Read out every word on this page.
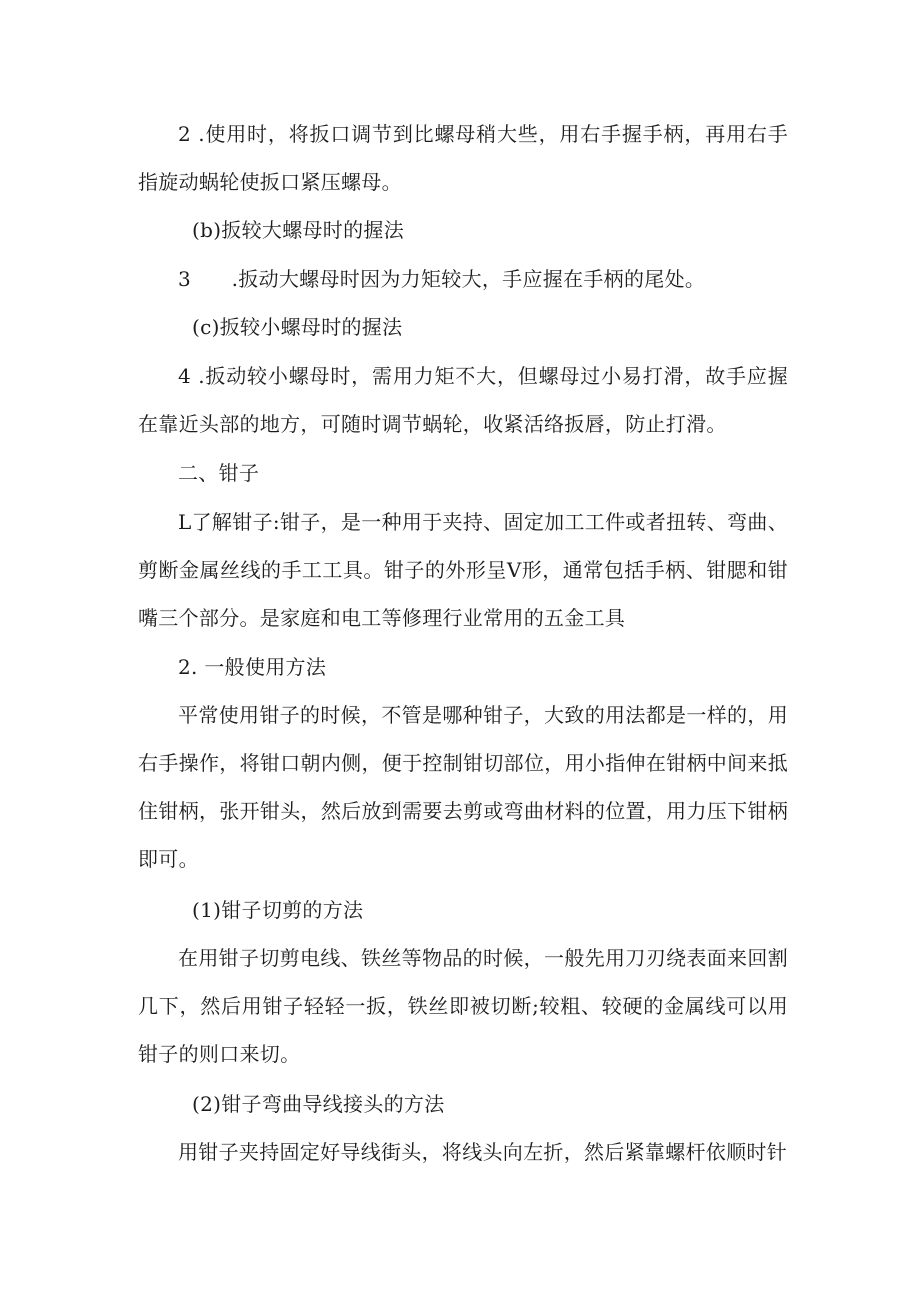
2 .使用时，将扳口调节到比螺母稍大些，用右手握手柄，再用右手指旋动蜗轮使扳口紧压螺母。

(b)扳较大螺母时的握法

3　　.扳动大螺母时因为力矩较大，手应握在手柄的尾处。

(c)扳较小螺母时的握法

4 .扳动较小螺母时，需用力矩不大，但螺母过小易打滑，故手应握在靠近头部的地方，可随时调节蜗轮，收紧活络扳唇，防止打滑。

二、钳子

L了解钳子:钳子，是一种用于夹持、固定加工工件或者扭转、弯曲、剪断金属丝线的手工工具。钳子的外形呈V形，通常包括手柄、钳腮和钳嘴三个部分。是家庭和电工等修理行业常用的五金工具

2. 一般使用方法

平常使用钳子的时候，不管是哪种钳子，大致的用法都是一样的，用右手操作，将钳口朝内侧，便于控制钳切部位，用小指伸在钳柄中间来抵住钳柄，张开钳头，然后放到需要去剪或弯曲材料的位置，用力压下钳柄即可。

(1)钳子切剪的方法

在用钳子切剪电线、铁丝等物品的时候，一般先用刀刃绕表面来回割几下，然后用钳子轻轻一扳，铁丝即被切断;较粗、较硬的金属线可以用钳子的则口来切。

(2)钳子弯曲导线接头的方法

用钳子夹持固定好导线街头，将线头向左折，然后紧靠螺杆依顺时针
